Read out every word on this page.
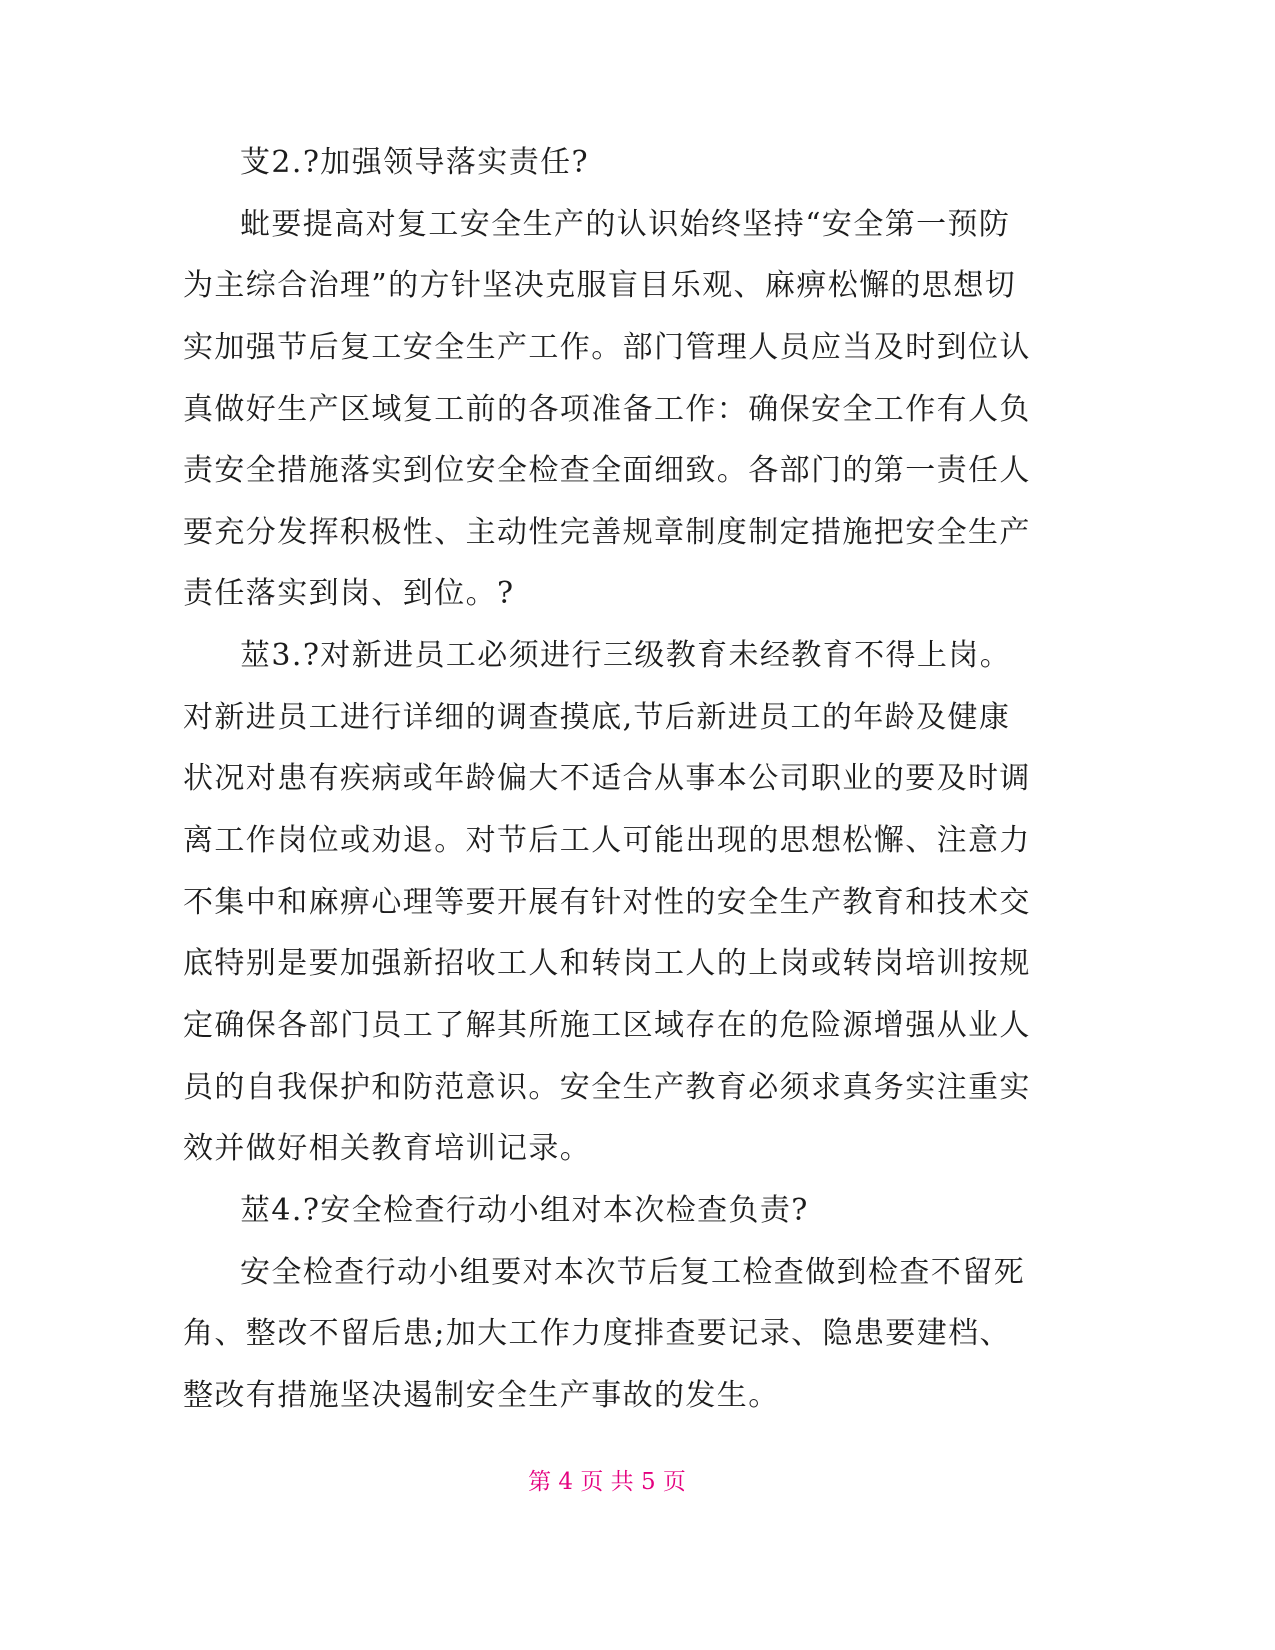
芆2.?加强领导落实责任?
蚍要提高对复工安全生产的认识始终坚持“安全第一预防
为主综合治理”的方针坚决克服盲目乐观、麻痹松懈的思想切
实加强节后复工安全生产工作。部门管理人员应当及时到位认
真做好生产区域复工前的各项准备工作：确保安全工作有人负
责安全措施落实到位安全检查全面细致。各部门的第一责任人
要充分发挥积极性、主动性完善规章制度制定措施把安全生产
责任落实到岗、到位。?
莁3.?对新进员工必须进行三级教育未经教育不得上岗。
对新进员工进行详细的调查摸底,节后新进员工的年龄及健康
状况对患有疾病或年龄偏大不适合从事本公司职业的要及时调
离工作岗位或劝退。对节后工人可能出现的思想松懈、注意力
不集中和麻痹心理等要开展有针对性的安全生产教育和技术交
底特别是要加强新招收工人和转岗工人的上岗或转岗培训按规
定确保各部门员工了解其所施工区域存在的危险源增强从业人
员的自我保护和防范意识。安全生产教育必须求真务实注重实
效并做好相关教育培训记录。
莁4.?安全检查行动小组对本次检查负责?
安全检查行动小组要对本次节后复工检查做到检查不留死
角、整改不留后患;加大工作力度排查要记录、隐患要建档、
整改有措施坚决遏制安全生产事故的发生。
第 4 页 共 5 页
